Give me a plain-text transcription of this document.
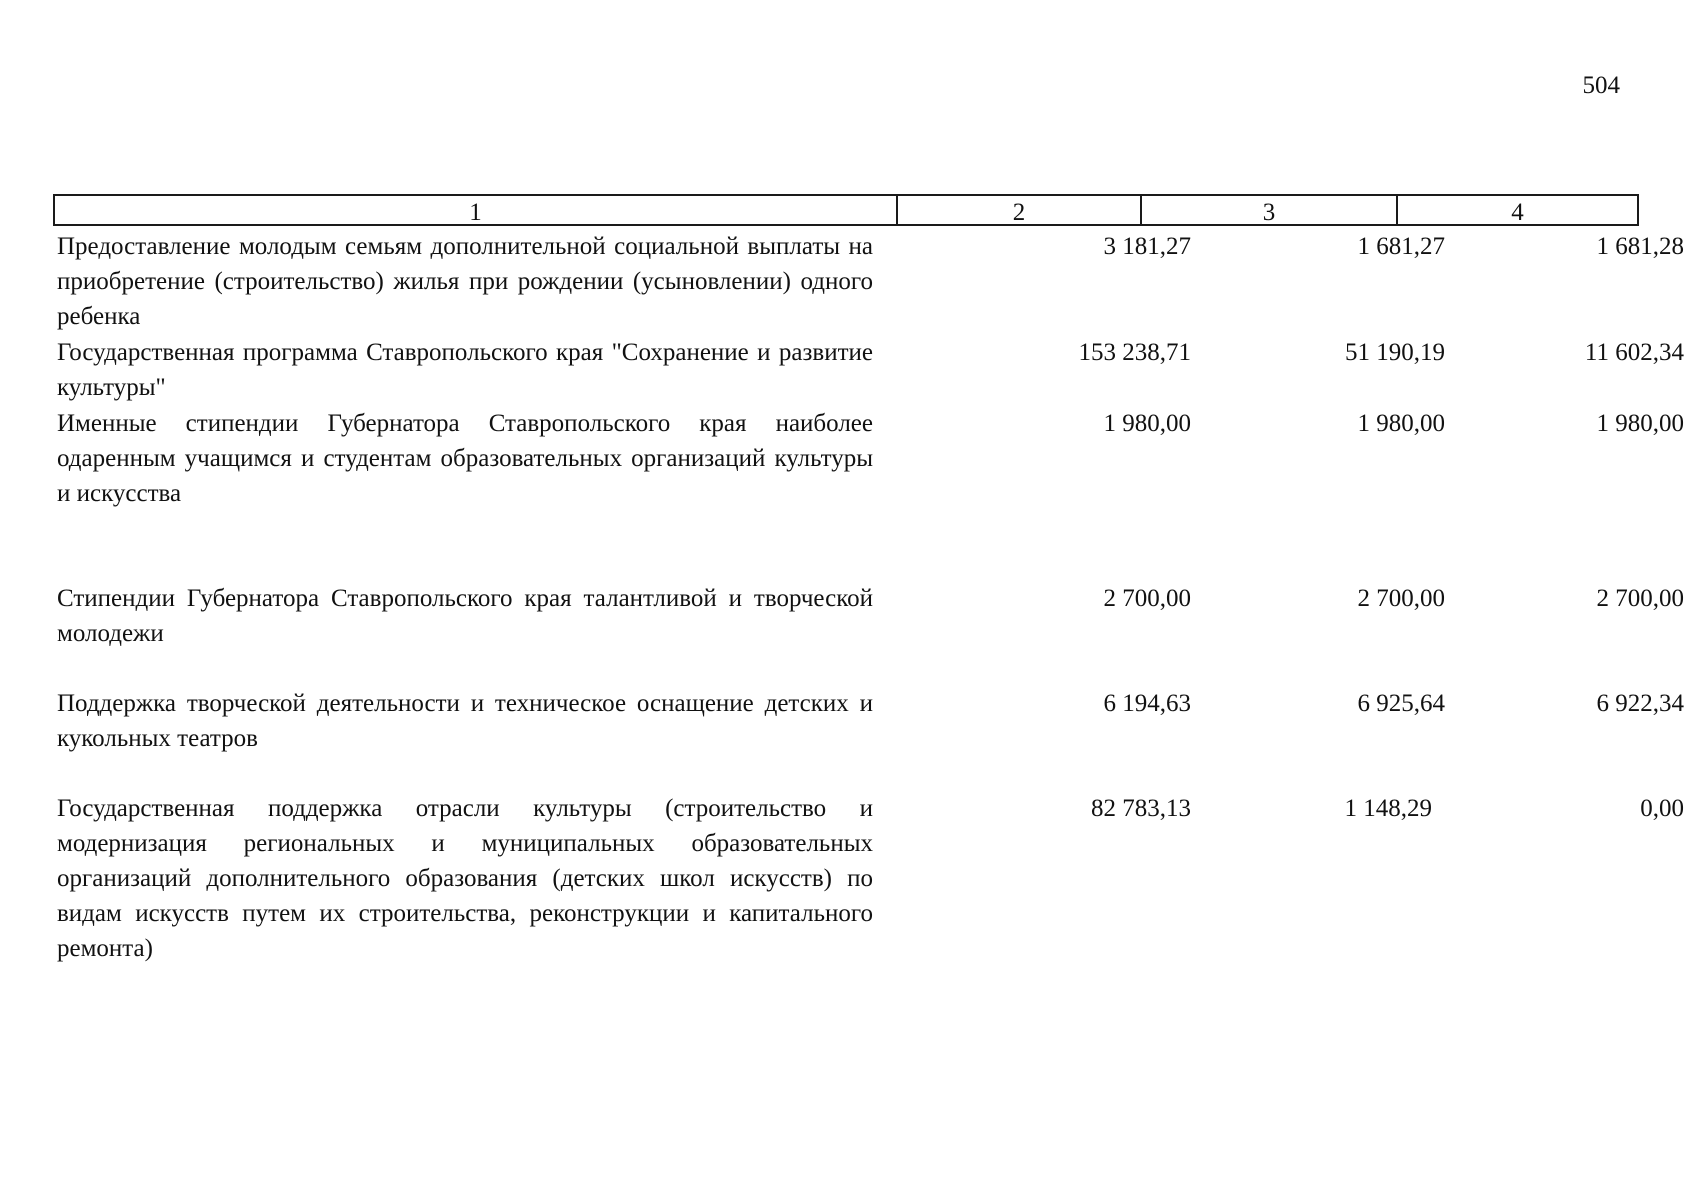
504
1	2	3	4
Предоставление молодым семьям дополнительной социальной выплаты на приобретение (строительство) жилья при рождении (усыновлении) одного ребенка
3 181,27	1 681,27	1 681,28
Государственная программа Ставропольского края "Сохранение и развитие культуры"
153 238,71	51 190,19	11 602,34
Именные стипендии Губернатора Ставропольского края наиболее одаренным учащимся и студентам образовательных организаций культуры и искусства
1 980,00	1 980,00	1 980,00
Стипендии Губернатора Ставропольского края талантливой и творческой молодежи
2 700,00	2 700,00	2 700,00
Поддержка творческой деятельности и техническое оснащение детских и кукольных театров
6 194,63	6 925,64	6 922,34
Государственная поддержка отрасли культуры (строительство и модернизация региональных и муниципальных образовательных организаций дополнительного образования (детских школ искусств) по видам искусств путем их строительства, реконструкции и капитального ремонта)
82 783,13	1 148,29	0,00
